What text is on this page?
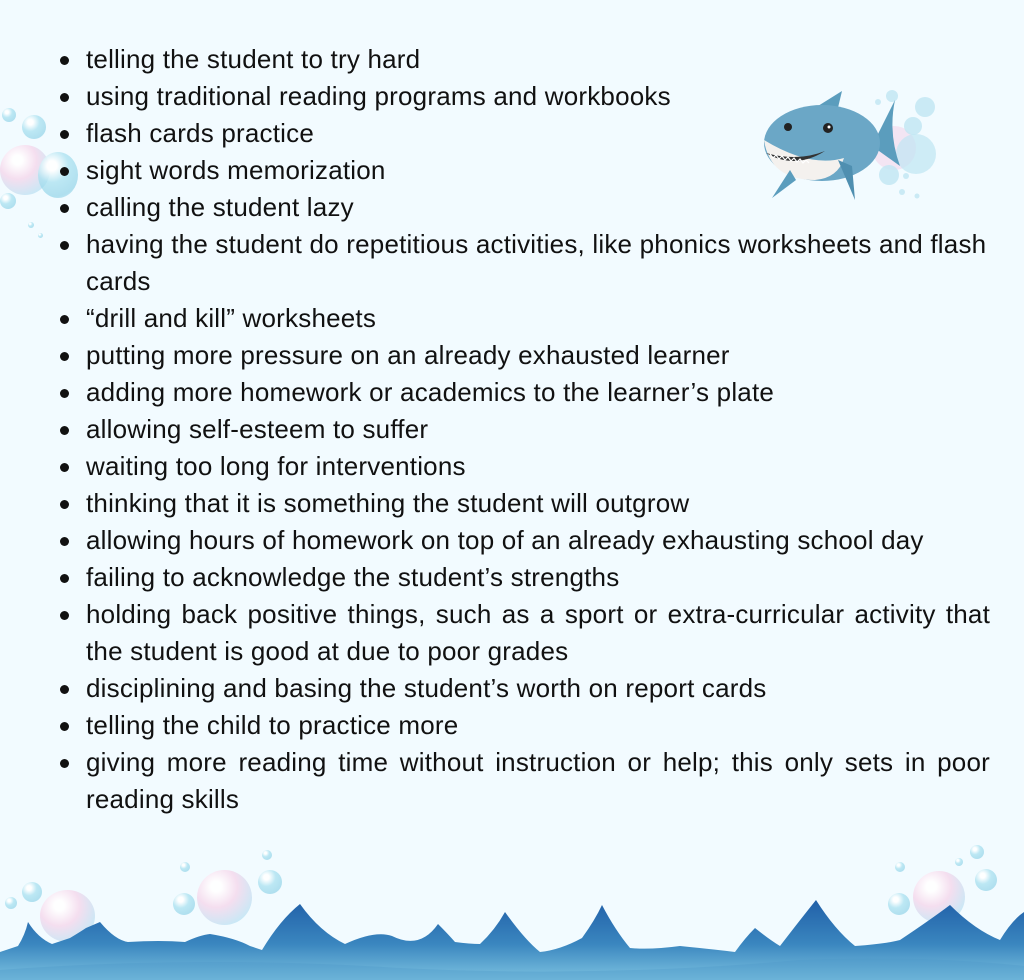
telling the student to try hard
using traditional reading programs and workbooks
flash cards practice
sight words memorization
calling the student lazy
having the student do repetitious activities, like phonics worksheets and flash cards
“drill and kill” worksheets
putting more pressure on an already exhausted learner
adding more homework or academics to the learner’s plate
allowing self-esteem to suffer
waiting too long for interventions
thinking that it is something the student will outgrow
allowing hours of homework on top of an already exhausting school day
failing to acknowledge the student’s strengths
holding back positive things, such as a sport or extra-curricular activity that the student is good at due to poor grades
disciplining and basing the student’s worth on report cards
telling the child to practice more
giving more reading time without instruction or help; this only sets in poor reading skills
